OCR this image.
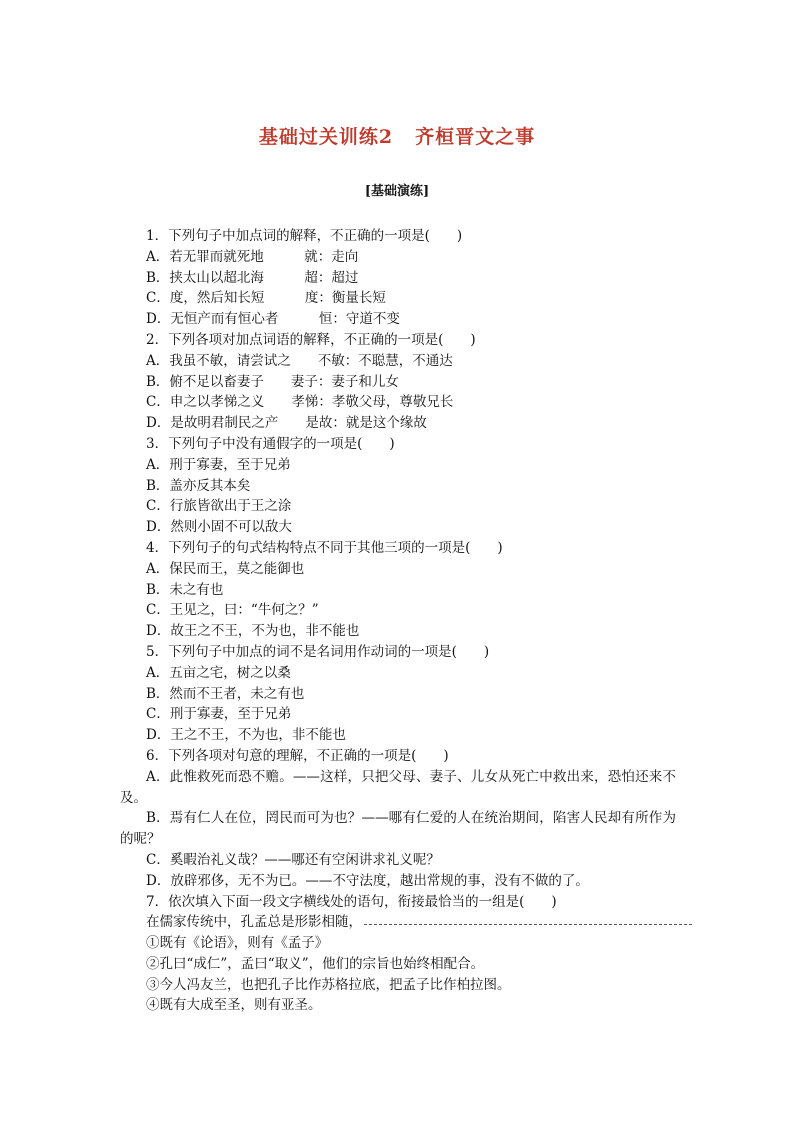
基础过关训练2 齐桓晋文之事
[基础演练]
1．下列句子中加点词的解释，不正确的一项是(　　)
A．若无罪而就死地　　　就：走向
B．挟太山以超北海　　　超：超过
C．度，然后知长短　　　度：衡量长短
D．无恒产而有恒心者　　　恒：守道不变
2．下列各项对加点词语的解释，不正确的一项是(　　)
A．我虽不敏，请尝试之　　不敏：不聪慧，不通达
B．俯不足以畜妻子　　妻子：妻子和儿女
C．申之以孝悌之义　　孝悌：孝敬父母，尊敬兄长
D．是故明君制民之产　　是故：就是这个缘故
3．下列句子中没有通假字的一项是(　　)
A．刑于寡妻，至于兄弟
B．盖亦反其本矣
C．行旅皆欲出于王之涂
D．然则小固不可以敌大
4．下列句子的句式结构特点不同于其他三项的一项是(　　)
A．保民而王，莫之能御也
B．未之有也
C．王见之，曰：“牛何之？”
D．故王之不王，不为也，非不能也
5．下列句子中加点的词不是名词用作动词的一项是(　　)
A．五亩之宅，树之以桑
B．然而不王者，未之有也
C．刑于寡妻，至于兄弟
D．王之不王，不为也，非不能也
6．下列各项对句意的理解，不正确的一项是(　　)
A．此惟救死而恐不赡。——这样，只把父母、妻子、儿女从死亡中救出来，恐怕还来不及。
B．焉有仁人在位，罔民而可为也？——哪有仁爱的人在统治期间，陷害人民却有所作为的呢？
C．奚暇治礼义哉？——哪还有空闲讲求礼义呢？
D．放辟邪侈，无不为已。——不守法度，越出常规的事，没有不做的了。
7．依次填入下面一段文字横线处的语句，衔接最恰当的一组是(　　)
在儒家传统中，孔孟总是形影相随，
①既有《论语》，则有《孟子》
②孔曰“成仁”，孟曰“取义”，他们的宗旨也始终相配合。
③今人冯友兰，也把孔子比作苏格拉底，把孟子比作柏拉图。
④既有大成至圣，则有亚圣。
